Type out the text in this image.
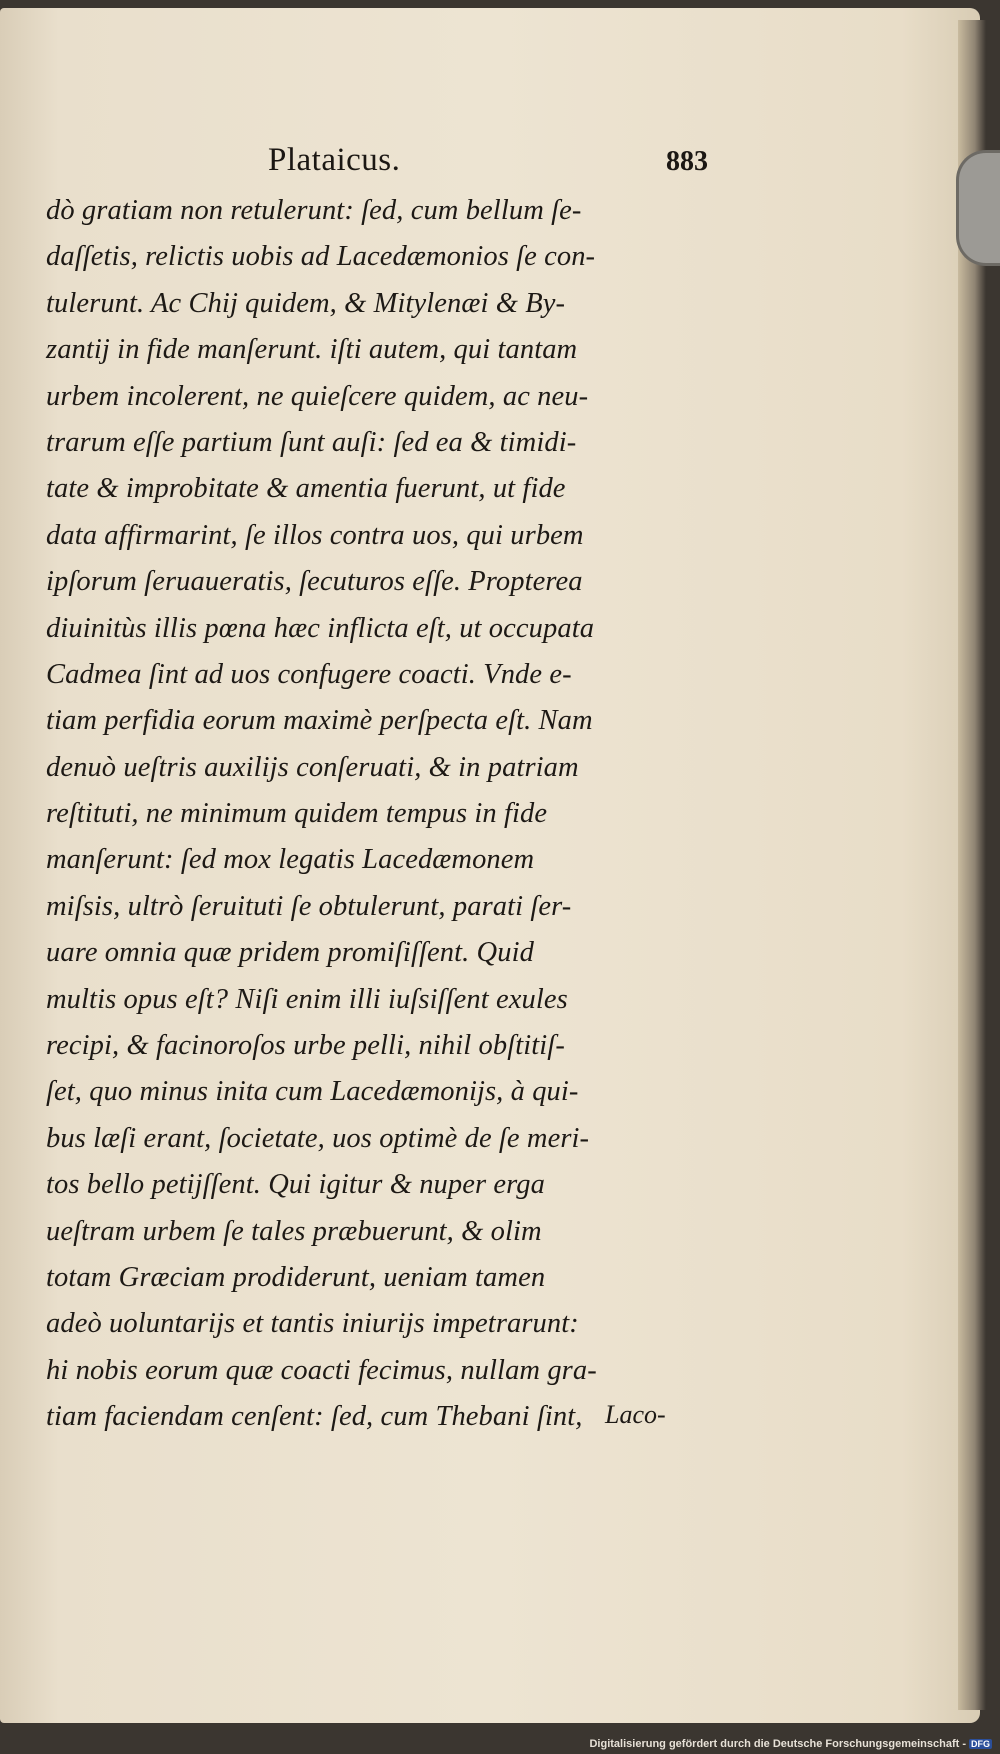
Plataicus.	883
dò gratiam non retulerunt: ſed, cum bellum ſe-
daſſetis, relictis uobis ad Lacedæmonios ſe con-
tulerunt. Ac Chij quidem, & Mitylenæi & By-
zantij in fide manſerunt. iſti autem, qui tantam
urbem incolerent, ne quieſcere quidem, ac neu-
trarum eſſe partium ſunt auſi: ſed ea & timidi-
tate & improbitate & amentia fuerunt, ut fide
data affirmarint, ſe illos contra uos, qui urbem
ipſorum ſeruaueratis, ſecuturos eſſe. Propterea
diuinitùs illis pœna hæc inflicta eſt, ut occupata
Cadmea ſint ad uos confugere coacti. Vnde e-
tiam perfidia eorum maximè perſpecta eſt. Nam
denuò ueſtris auxilijs conſeruati, & in patriam
reſtituti, ne minimum quidem tempus in fide
manſerunt: ſed mox legatis Lacedæmonem
miſsis, ultrò ſeruituti ſe obtulerunt, parati ſer-
uare omnia quæ pridem promiſiſſent. Quid
multis opus eſt? Niſi enim illi iuſsiſſent exules
recipi, & facinoroſos urbe pelli, nihil obſtitiſ-
ſet, quo minus inita cum Lacedæmonijs, à qui-
bus læſi erant, ſocietate, uos optimè de ſe meri-
tos bello petijſſent. Qui igitur & nuper erga
ueſtram urbem ſe tales præbuerunt, & olim
totam Græciam prodiderunt, ueniam tamen
adeò uoluntarijs et tantis iniurijs impetrarunt:
hi nobis eorum quæ coacti fecimus, nullam gra-
tiam faciendam cenſent: ſed, cum Thebani ſint, Laco-
Digitalisierung gefördert durch die Deutsche Forschungsgemeinschaft - DFG
